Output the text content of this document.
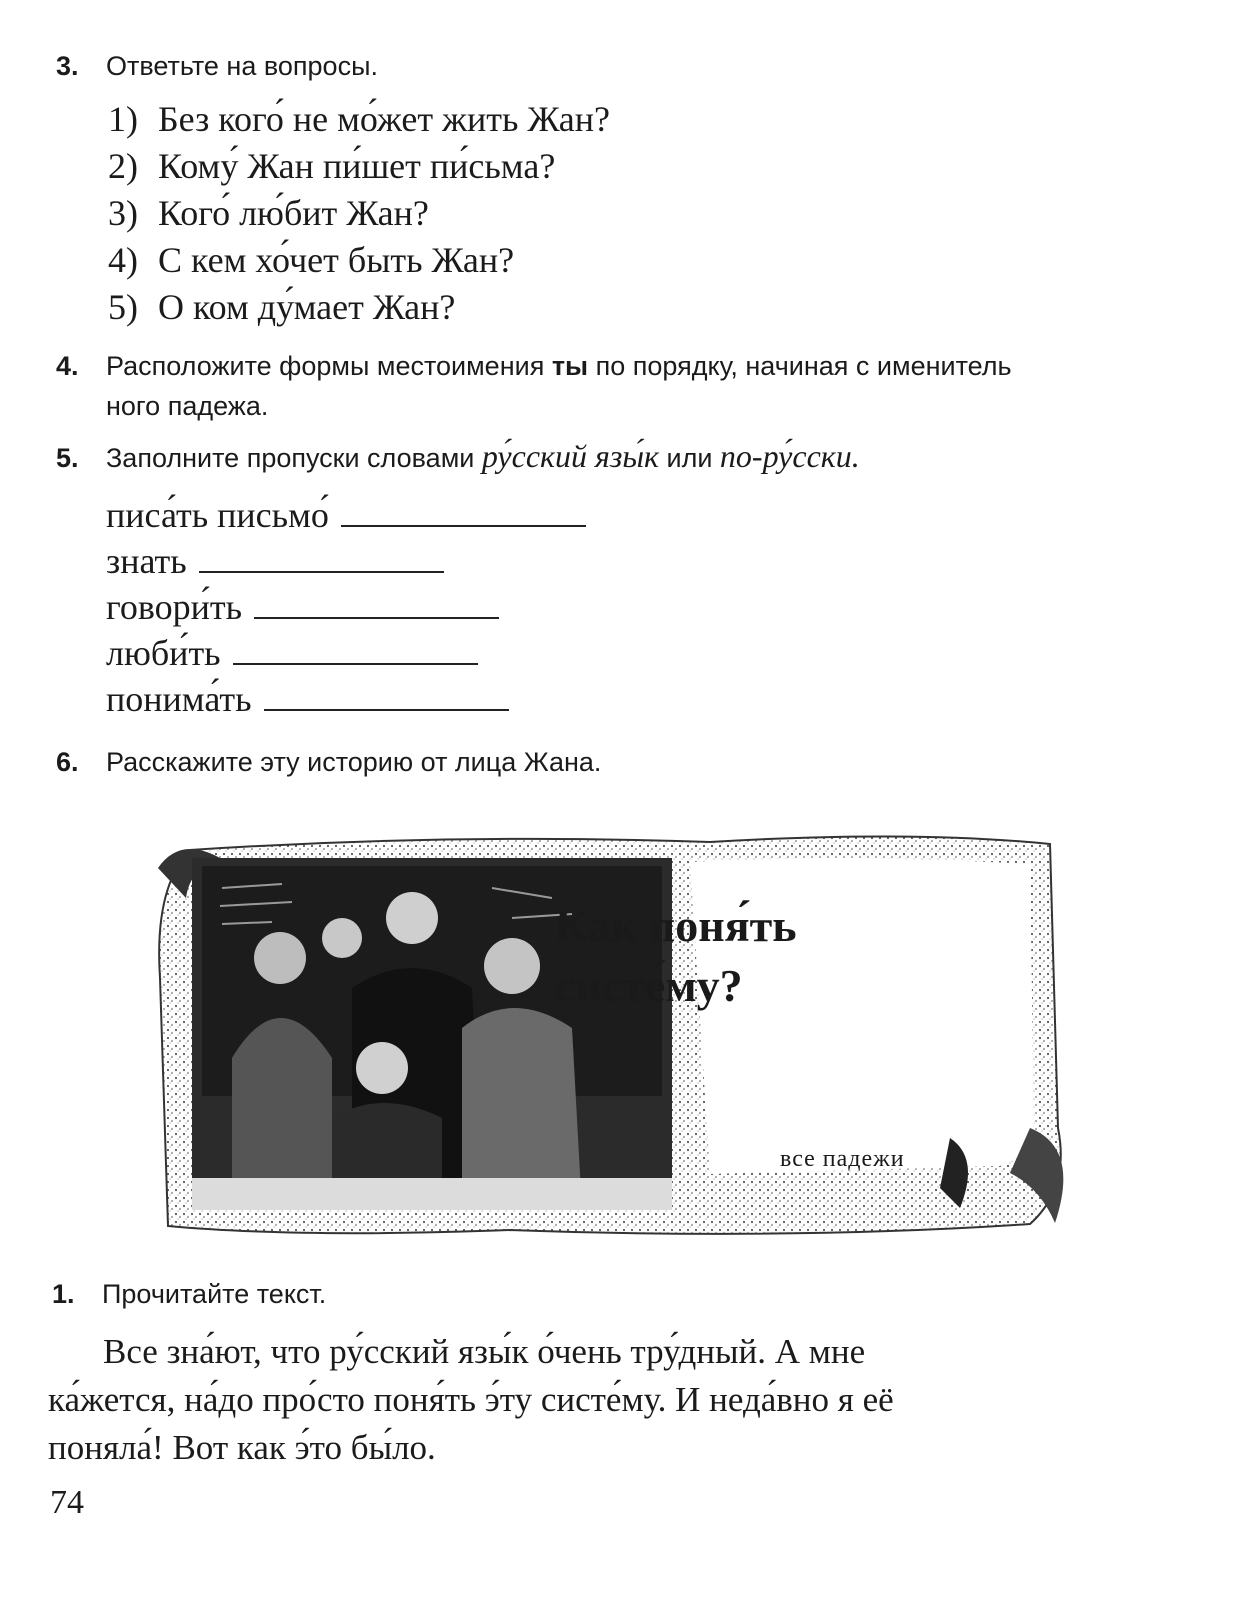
3. Ответьте на вопросы.
1) Без кого́ не мо́жет жить Жан?
2) Кому́ Жан пи́шет пи́сьма?
3) Кого́ лю́бит Жан?
4) С кем хо́чет быть Жан?
5) О ком ду́мает Жан?
4. Расположите формы местоимения ты по порядку, начиная с именитель
ного падежа.
5. Заполните пропуски словами ру́сский язы́к или по-ру́сски.
писа́ть письмо́
знать
говори́ть
люби́ть
понима́ть
6. Расскажите эту историю от лица Жана.
Как поня́ть
систе́му?
все падежи
1. Прочитайте текст.

Все зна́ют, что ру́сский язы́к о́чень тру́дный. А мне ка́жется, на́до про́сто поня́ть э́ту систе́му. И неда́вно я её поняла́! Вот как э́то бы́ло.

74
